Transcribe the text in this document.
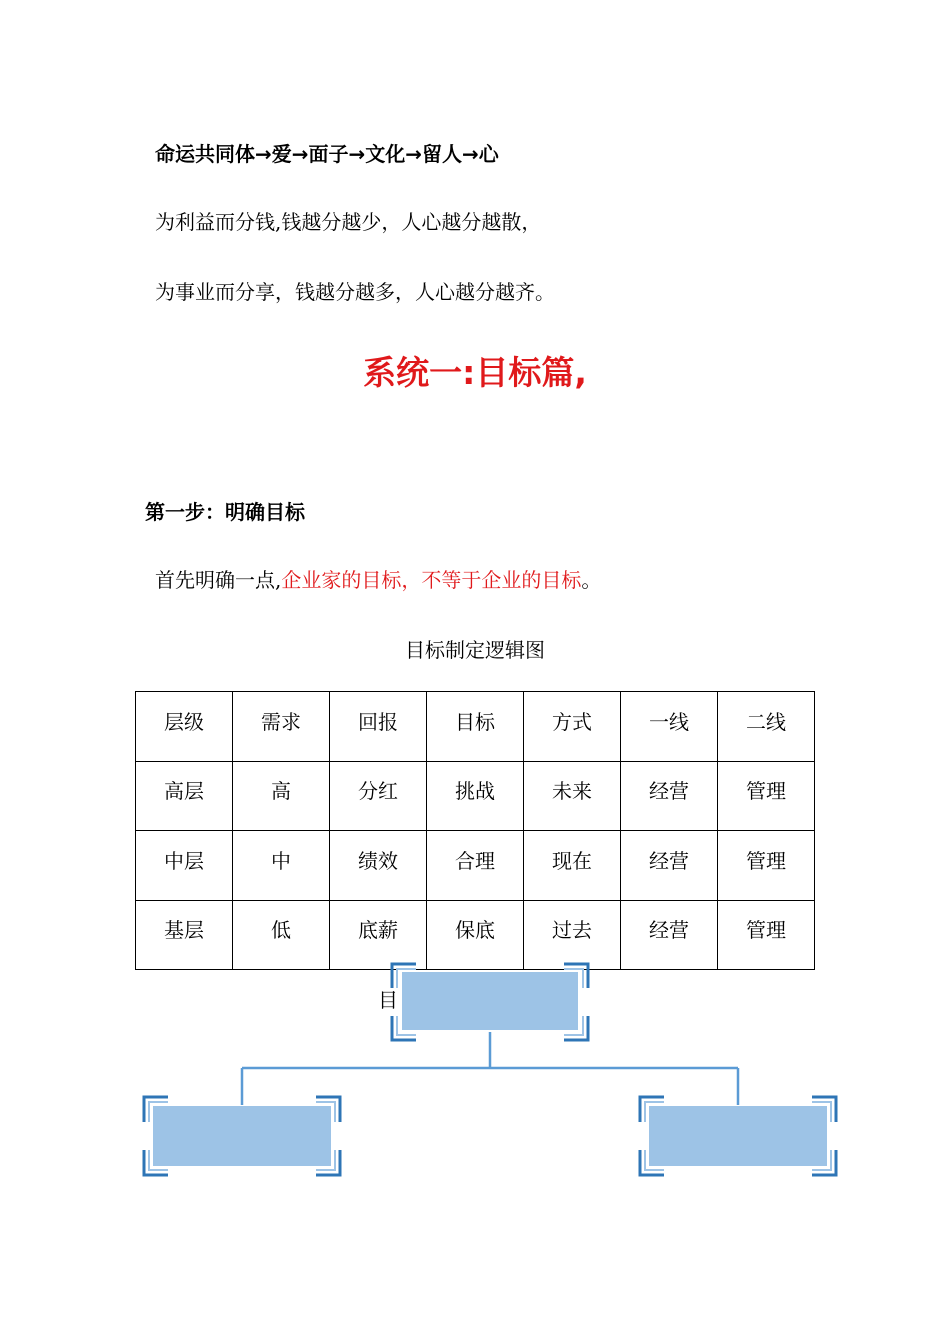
命运共同体→爱→面子→文化→留人→心
为利益而分钱,钱越分越少，人心越分越散，
为事业而分享，钱越分越多，人心越分越齐。
系统一:目标篇,
第一步：明确目标
首先明确一点,企业家的目标，不等于企业的目标。
目标制定逻辑图
层级	需求	回报	目标	方式	一线	二线
高层	高	分红	挑战	未来	经营	管理
中层	中	绩效	合理	现在	经营	管理
基层	低	底薪	保底	过去	经营	管理
目
